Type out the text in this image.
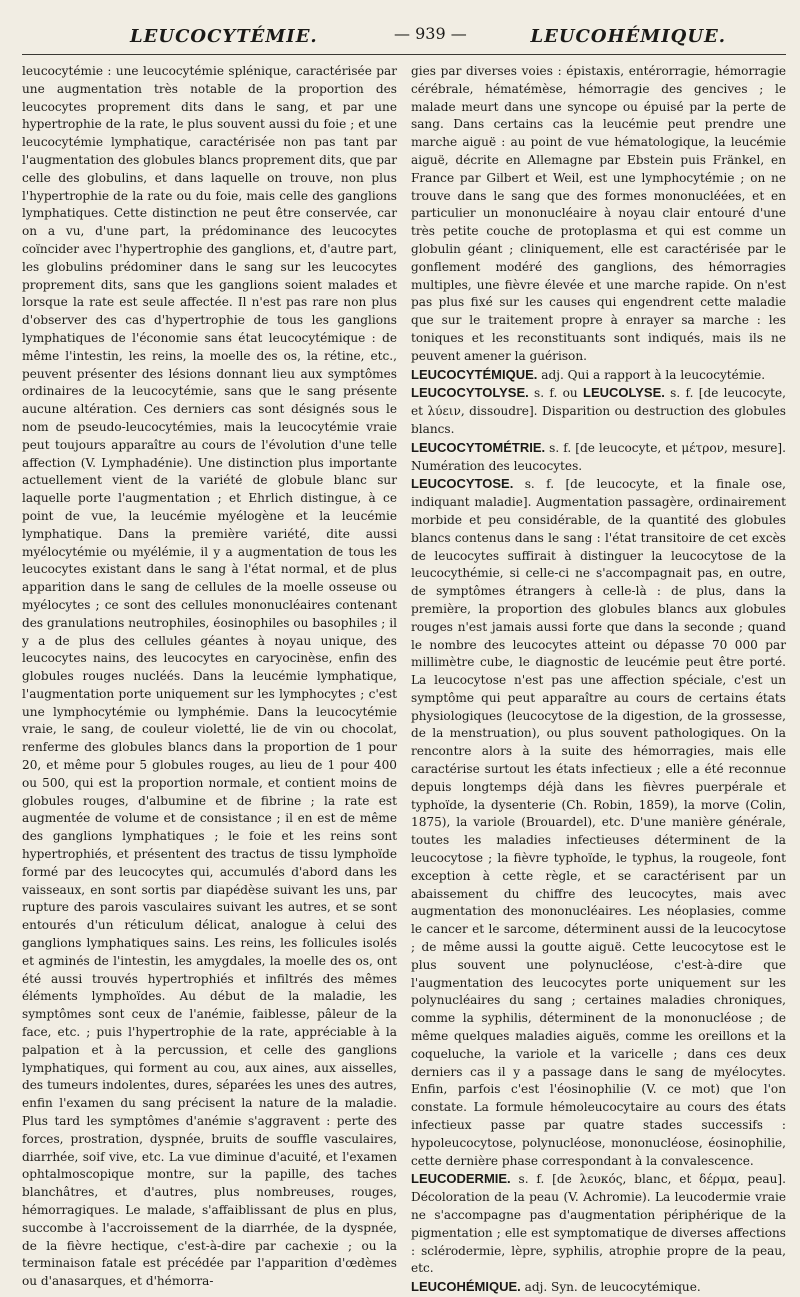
LEUCOCYTÉMIE.	— 939 —	LEUCOHÉMIQUE.

leucocytémie : une leucocytémie splénique, caractérisée par une augmentation très notable de la proportion des leucocytes proprement dits dans le sang, et par une hypertrophie de la rate, le plus souvent aussi du foie ; et une leucocytémie lymphatique, caractérisée non pas tant par l'augmentation des globules blancs proprement dits, que par celle des globulins, et dans laquelle on trouve, non plus l'hypertrophie de la rate ou du foie, mais celle des ganglions lymphatiques. Cette distinction ne peut être conservée, car on a vu, d'une part, la prédominance des leucocytes coïncider avec l'hypertrophie des ganglions, et, d'autre part, les globulins prédominer dans le sang sur les leucocytes proprement dits, sans que les ganglions soient malades et lorsque la rate est seule affectée. Il n'est pas rare non plus d'observer des cas d'hypertrophie de tous les ganglions lymphatiques de l'économie sans état leucocytémique : de même l'intestin, les reins, la moelle des os, la rétine, etc., peuvent présenter des lésions donnant lieu aux symptômes ordinaires de la leucocytémie, sans que le sang présente aucune altération. Ces derniers cas sont désignés sous le nom de pseudo-leucocytémies, mais la leucocytémie vraie peut toujours apparaître au cours de l'évolution d'une telle affection (V. Lymphadénie). Une distinction plus importante actuellement vient de la variété de globule blanc sur laquelle porte l'augmentation ; et Ehrlich distingue, à ce point de vue, la leucémie myélogène et la leucémie lymphatique. Dans la première variété, dite aussi myélocytémie ou myélémie, il y a augmentation de tous les leucocytes existant dans le sang à l'état normal, et de plus apparition dans le sang de cellules de la moelle osseuse ou myélocytes ; ce sont des cellules mononucléaires contenant des granulations neutrophiles, éosinophiles ou basophiles ; il y a de plus des cellules géantes à noyau unique, des leucocytes nains, des leucocytes en caryocinèse, enfin des globules rouges nucléés. Dans la leucémie lymphatique, l'augmentation porte uniquement sur les lymphocytes ; c'est une lymphocytémie ou lymphémie. Dans la leucocytémie vraie, le sang, de couleur violetté, lie de vin ou chocolat, renferme des globules blancs dans la proportion de 1 pour 20, et même pour 5 globules rouges, au lieu de 1 pour 400 ou 500, qui est la proportion normale, et contient moins de globules rouges, d'albumine et de fibrine ; la rate est augmentée de volume et de consistance ; il en est de même des ganglions lymphatiques ; le foie et les reins sont hypertrophiés, et présentent des tractus de tissu lymphoïde formé par des leucocytes qui, accumulés d'abord dans les vaisseaux, en sont sortis par diapédèse suivant les uns, par rupture des parois vasculaires suivant les autres, et se sont entourés d'un réticulum délicat, analogue à celui des ganglions lymphatiques sains. Les reins, les follicules isolés et agminés de l'intestin, les amygdales, la moelle des os, ont été aussi trouvés hypertrophiés et infiltrés des mêmes éléments lymphoïdes. Au début de la maladie, les symptômes sont ceux de l'anémie, faiblesse, pâleur de la face, etc. ; puis l'hypertrophie de la rate, appréciable à la palpation et à la percussion, et celle des ganglions lymphatiques, qui forment au cou, aux aines, aux aisselles, des tumeurs indolentes, dures, séparées les unes des autres, enfin l'examen du sang précisent la nature de la maladie. Plus tard les symptômes d'anémie s'aggravent : perte des forces, prostration, dyspnée, bruits de souffle vasculaires, diarrhée, soif vive, etc. La vue diminue d'acuité, et l'examen ophtalmoscopique montre, sur la papille, des taches blanchâtres, et d'autres, plus nombreuses, rouges, hémorragiques. Le malade, s'affaiblissant de plus en plus, succombe à l'accroissement de la diarrhée, de la dyspnée, de la fièvre hectique, c'est-à-dire par cachexie ; ou la terminaison fatale est précédée par l'apparition d'œdèmes ou d'anasarques, et d'hémorra-

gies par diverses voies : épistaxis, entérorragie, hémorragie cérébrale, hématémèse, hémorragie des gencives ; le malade meurt dans une syncope ou épuisé par la perte de sang. Dans certains cas la leucémie peut prendre une marche aiguë : au point de vue hématologique, la leucémie aiguë, décrite en Allemagne par Ebstein puis Fränkel, en France par Gilbert et Weil, est une lymphocytémie ; on ne trouve dans le sang que des formes mononucléées, et en particulier un mononucléaire à noyau clair entouré d'une très petite couche de protoplasma et qui est comme un globulin géant ; cliniquement, elle est caractérisée par le gonflement modéré des ganglions, des hémorragies multiples, une fièvre élevée et une marche rapide. On n'est pas plus fixé sur les causes qui engendrent cette maladie que sur le traitement propre à enrayer sa marche : les toniques et les reconstituants sont indiqués, mais ils ne peuvent amener la guérison.

LEUCOCYTÉMIQUE. adj. Qui a rapport à la leucocytémie.

LEUCOCYTOLYSE. s. f. ou LEUCOLYSE. s. f. [de leucocyte, et λύειν, dissoudre]. Disparition ou destruction des globules blancs.

LEUCOCYTOMÉTRIE. s. f. [de leucocyte, et μέτρον, mesure]. Numération des leucocytes.

LEUCOCYTOSE. s. f. [de leucocyte, et la finale ose, indiquant maladie]. Augmentation passagère, ordinairement morbide et peu considérable, de la quantité des globules blancs contenus dans le sang : l'état transitoire de cet excès de leucocytes suffirait à distinguer la leucocytose de la leucocythémie, si celle-ci ne s'accompagnait pas, en outre, de symptômes étrangers à celle-là : de plus, dans la première, la proportion des globules blancs aux globules rouges n'est jamais aussi forte que dans la seconde ; quand le nombre des leucocytes atteint ou dépasse 70 000 par millimètre cube, le diagnostic de leucémie peut être porté. La leucocytose n'est pas une affection spéciale, c'est un symptôme qui peut apparaître au cours de certains états physiologiques (leucocytose de la digestion, de la grossesse, de la menstruation), ou plus souvent pathologiques. On la rencontre alors à la suite des hémorragies, mais elle caractérise surtout les états infectieux ; elle a été reconnue depuis longtemps déjà dans les fièvres puerpérale et typhoïde, la dysenterie (Ch. Robin, 1859), la morve (Colin, 1875), la variole (Brouardel), etc. D'une manière générale, toutes les maladies infectieuses déterminent de la leucocytose ; la fièvre typhoïde, le typhus, la rougeole, font exception à cette règle, et se caractérisent par un abaissement du chiffre des leucocytes, mais avec augmentation des mononucléaires. Les néoplasies, comme le cancer et le sarcome, déterminent aussi de la leucocytose ; de même aussi la goutte aiguë. Cette leucocytose est le plus souvent une polynucléose, c'est-à-dire que l'augmentation des leucocytes porte uniquement sur les polynucléaires du sang ; certaines maladies chroniques, comme la syphilis, déterminent de la mononucléose ; de même quelques maladies aiguës, comme les oreillons et la coqueluche, la variole et la varicelle ; dans ces deux derniers cas il y a passage dans le sang de myélocytes. Enfin, parfois c'est l'éosinophilie (V. ce mot) que l'on constate. La formule hémoleucocytaire au cours des états infectieux passe par quatre stades successifs : hypoleucocytose, polynucléose, mononucléose, éosinophilie, cette dernière phase correspondant à la convalescence.

LEUCODERMIE. s. f. [de λευκός, blanc, et δέρμα, peau]. Décoloration de la peau (V. Achromie). La leucodermie vraie ne s'accompagne pas d'augmentation périphérique de la pigmentation ; elle est symptomatique de diverses affections : sclérodermie, lèpre, syphilis, atrophie propre de la peau, etc.

LEUCOHÉMIQUE. adj. Syn. de leucocytémique.
